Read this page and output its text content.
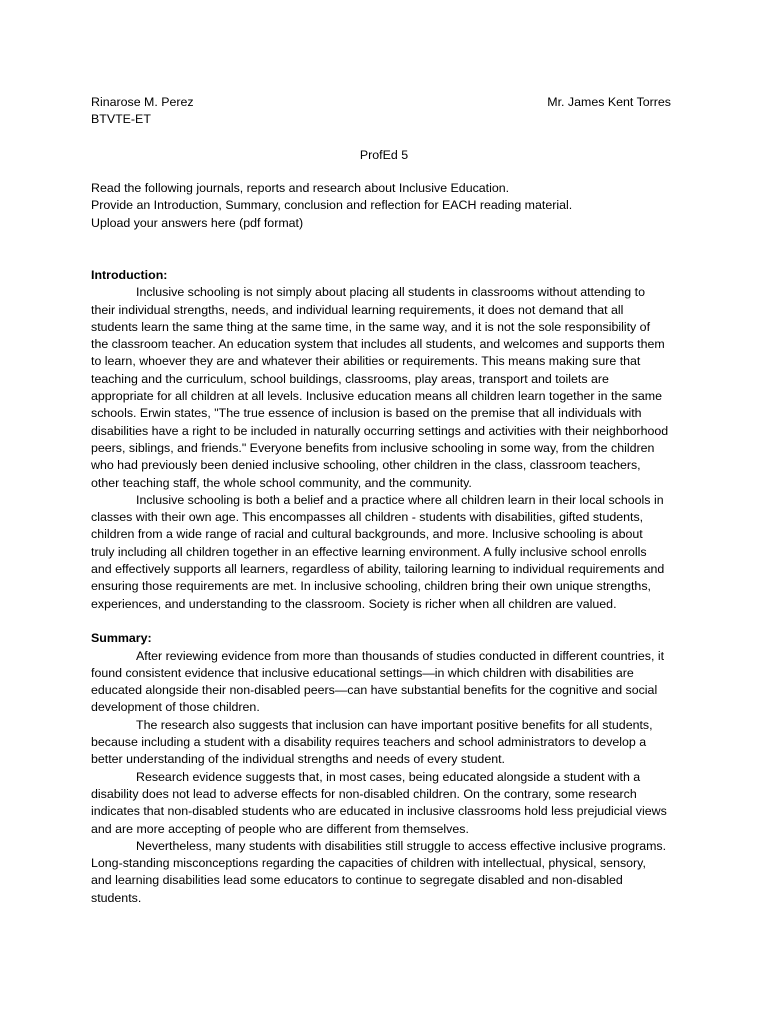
Rinarose M. Perez
BTVTE-ET
Mr. James Kent Torres
ProfEd 5
Read the following journals, reports and research about Inclusive Education.
Provide an Introduction, Summary, conclusion and reflection for EACH reading material.
Upload your answers here (pdf format)

Introduction:

Inclusive schooling is not simply about placing all students in classrooms without attending to their individual strengths, needs, and individual learning requirements, it does not demand that all students learn the same thing at the same time, in the same way, and it is not the sole responsibility of the classroom teacher. An education system that includes all students, and welcomes and supports them to learn, whoever they are and whatever their abilities or requirements. This means making sure that teaching and the curriculum, school buildings, classrooms, play areas, transport and toilets are appropriate for all children at all levels. Inclusive education means all children learn together in the same schools. Erwin states, "The true essence of inclusion is based on the premise that all individuals with disabilities have a right to be included in naturally occurring settings and activities with their neighborhood peers, siblings, and friends." Everyone benefits from inclusive schooling in some way, from the children who had previously been denied inclusive schooling, other children in the class, classroom teachers, other teaching staff, the whole school community, and the community.

Inclusive schooling is both a belief and a practice where all children learn in their local schools in classes with their own age. This encompasses all children - students with disabilities, gifted students, children from a wide range of racial and cultural backgrounds, and more. Inclusive schooling is about truly including all children together in an effective learning environment. A fully inclusive school enrolls and effectively supports all learners, regardless of ability, tailoring learning to individual requirements and ensuring those requirements are met. In inclusive schooling, children bring their own unique strengths, experiences, and understanding to the classroom. Society is richer when all children are valued.

Summary:

After reviewing evidence from more than thousands of studies conducted in different countries, it found consistent evidence that inclusive educational settings—in which children with disabilities are educated alongside their non-disabled peers—can have substantial benefits for the cognitive and social development of those children.

The research also suggests that inclusion can have important positive benefits for all students, because including a student with a disability requires teachers and school administrators to develop a better understanding of the individual strengths and needs of every student.

Research evidence suggests that, in most cases, being educated alongside a student with a disability does not lead to adverse effects for non-disabled children. On the contrary, some research indicates that non-disabled students who are educated in inclusive classrooms hold less prejudicial views and are more accepting of people who are different from themselves.

Nevertheless, many students with disabilities still struggle to access effective inclusive programs. Long-standing misconceptions regarding the capacities of children with intellectual, physical, sensory, and learning disabilities lead some educators to continue to segregate disabled and non-disabled students.
